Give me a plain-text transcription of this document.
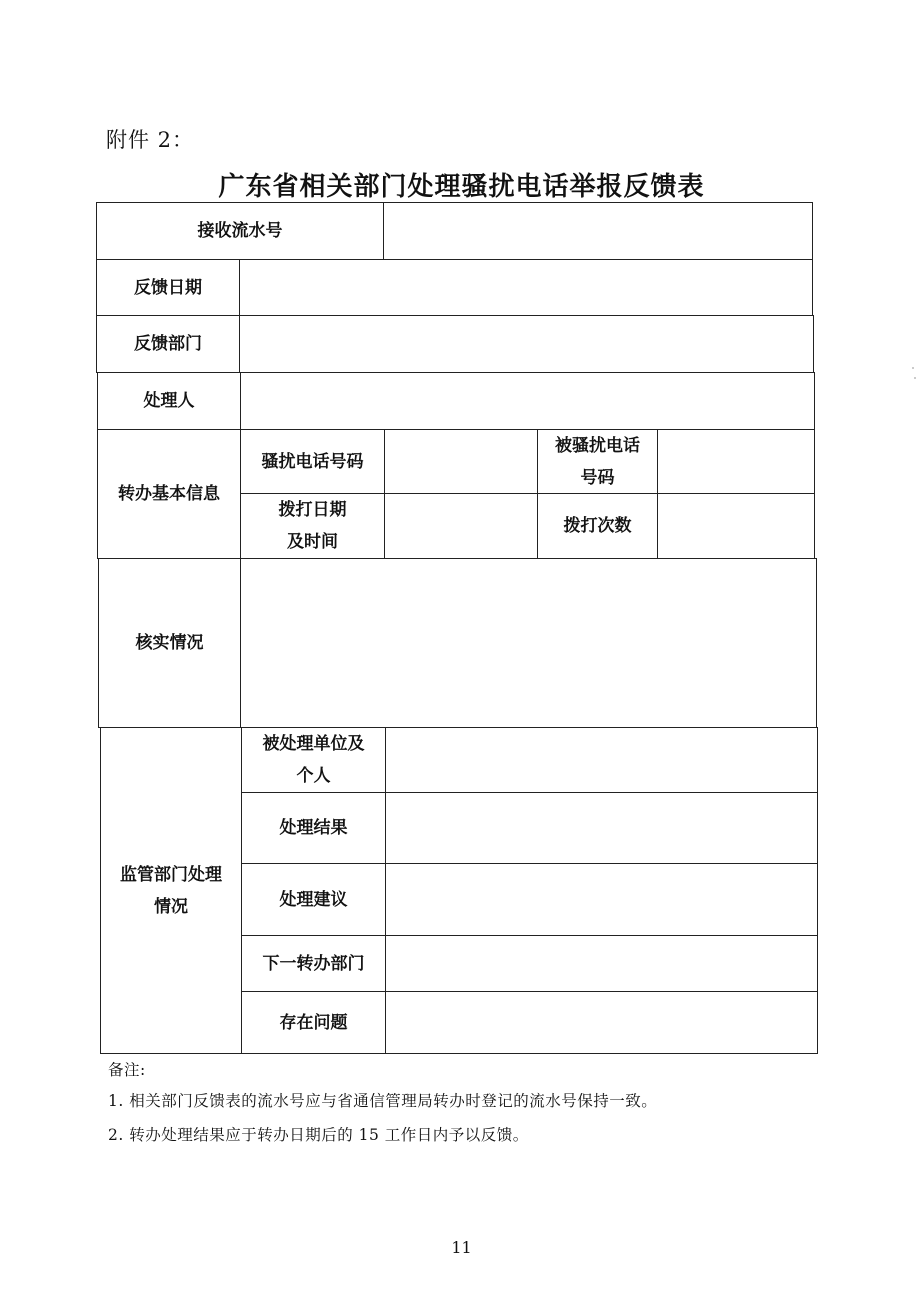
附件 2：
广东省相关部门处理骚扰电话举报反馈表
接收流水号
反馈日期
反馈部门
处理人
转办基本信息
骚扰电话号码
被骚扰电话
号码
拨打日期
及时间
拨打次数
核实情况
监管部门处理
情况
被处理单位及
个人
处理结果
处理建议
下一转办部门
存在问题
备注:
1. 相关部门反馈表的流水号应与省通信管理局转办时登记的流水号保持一致。
2. 转办处理结果应于转办日期后的 15 工作日内予以反馈。
11
